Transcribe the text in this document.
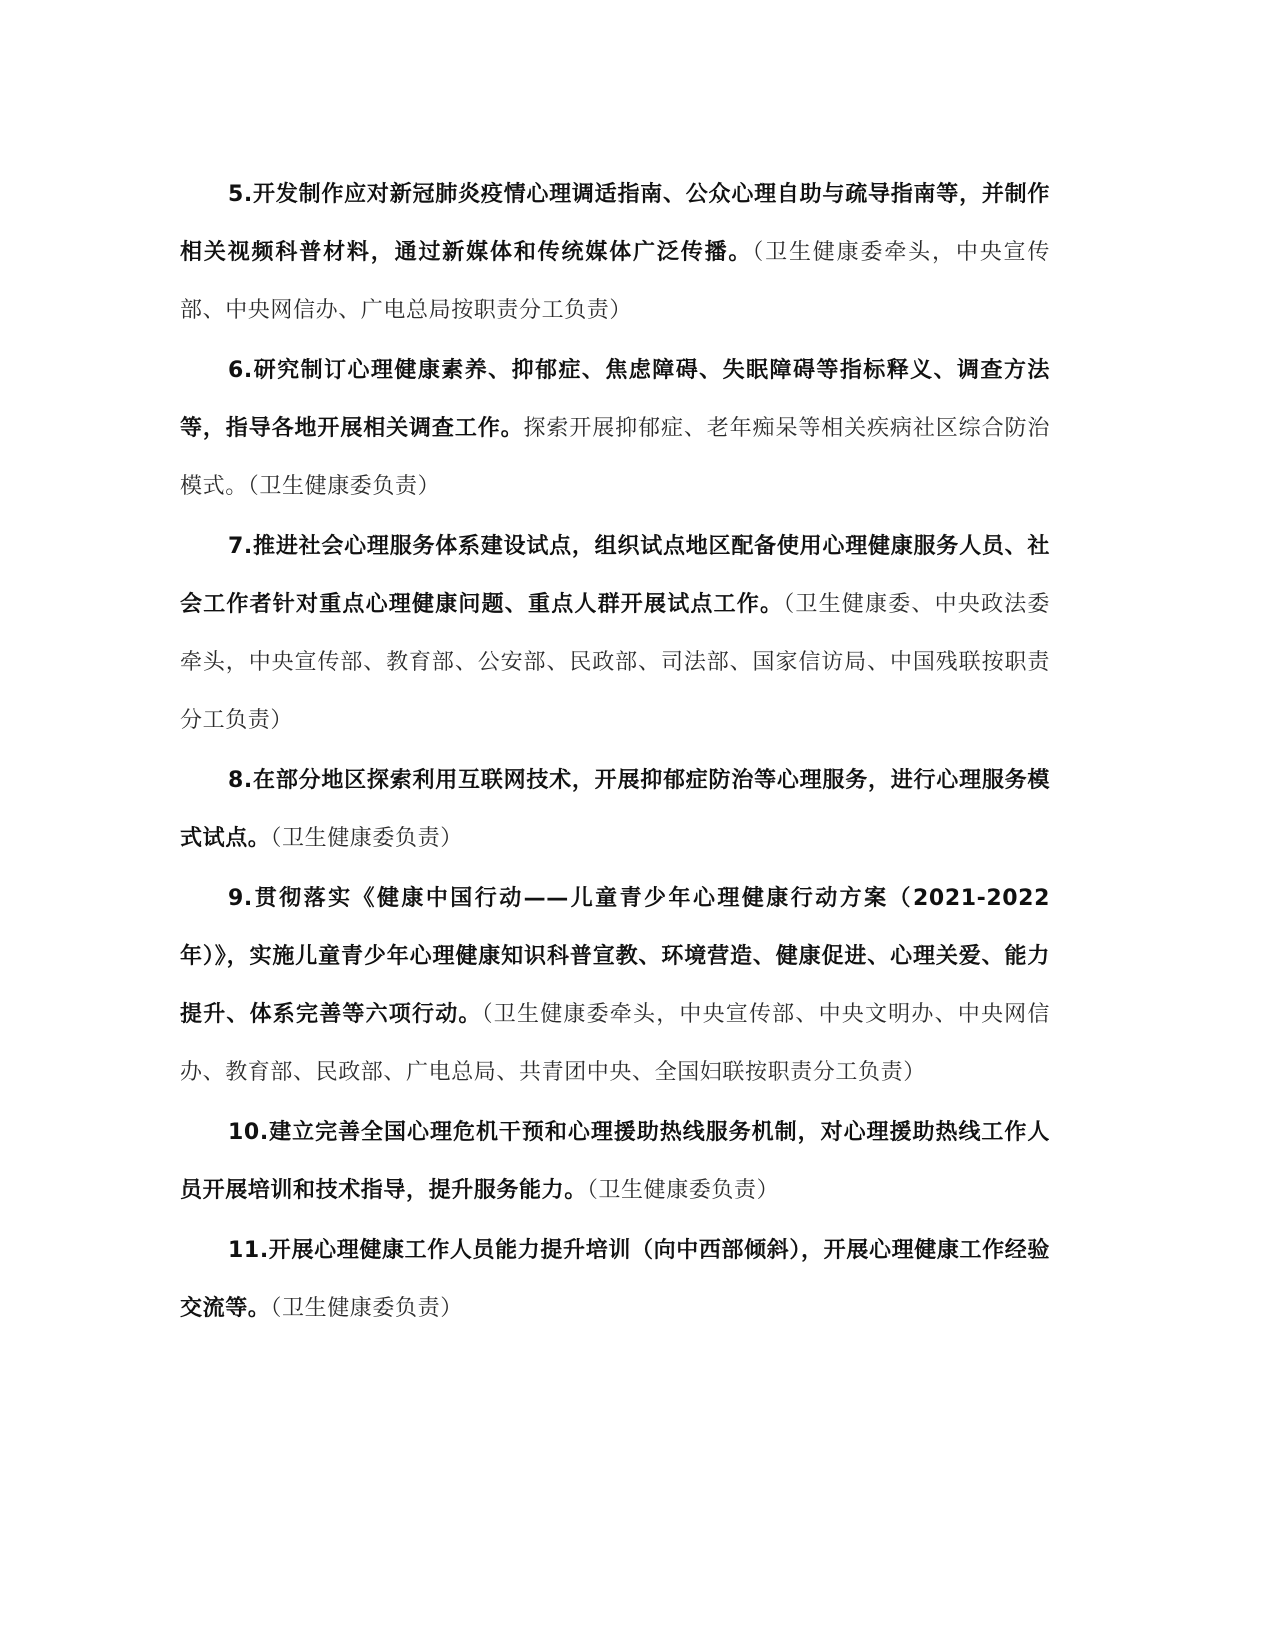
5.开发制作应对新冠肺炎疫情心理调适指南、公众心理自助与疏导指南等，并制作相关视频科普材料，通过新媒体和传统媒体广泛传播。（卫生健康委牵头，中央宣传部、中央网信办、广电总局按职责分工负责）

6.研究制订心理健康素养、抑郁症、焦虑障碍、失眠障碍等指标释义、调查方法等，指导各地开展相关调查工作。探索开展抑郁症、老年痴呆等相关疾病社区综合防治模式。（卫生健康委负责）

7.推进社会心理服务体系建设试点，组织试点地区配备使用心理健康服务人员、社会工作者针对重点心理健康问题、重点人群开展试点工作。（卫生健康委、中央政法委牵头，中央宣传部、教育部、公安部、民政部、司法部、国家信访局、中国残联按职责分工负责）

8.在部分地区探索利用互联网技术，开展抑郁症防治等心理服务，进行心理服务模式试点。（卫生健康委负责）

9.贯彻落实《健康中国行动——儿童青少年心理健康行动方案（2021-2022年）》，实施儿童青少年心理健康知识科普宣教、环境营造、健康促进、心理关爱、能力提升、体系完善等六项行动。（卫生健康委牵头，中央宣传部、中央文明办、中央网信办、教育部、民政部、广电总局、共青团中央、全国妇联按职责分工负责）

10.建立完善全国心理危机干预和心理援助热线服务机制，对心理援助热线工作人员开展培训和技术指导，提升服务能力。（卫生健康委负责）

11.开展心理健康工作人员能力提升培训（向中西部倾斜），开展心理健康工作经验交流等。（卫生健康委负责）
